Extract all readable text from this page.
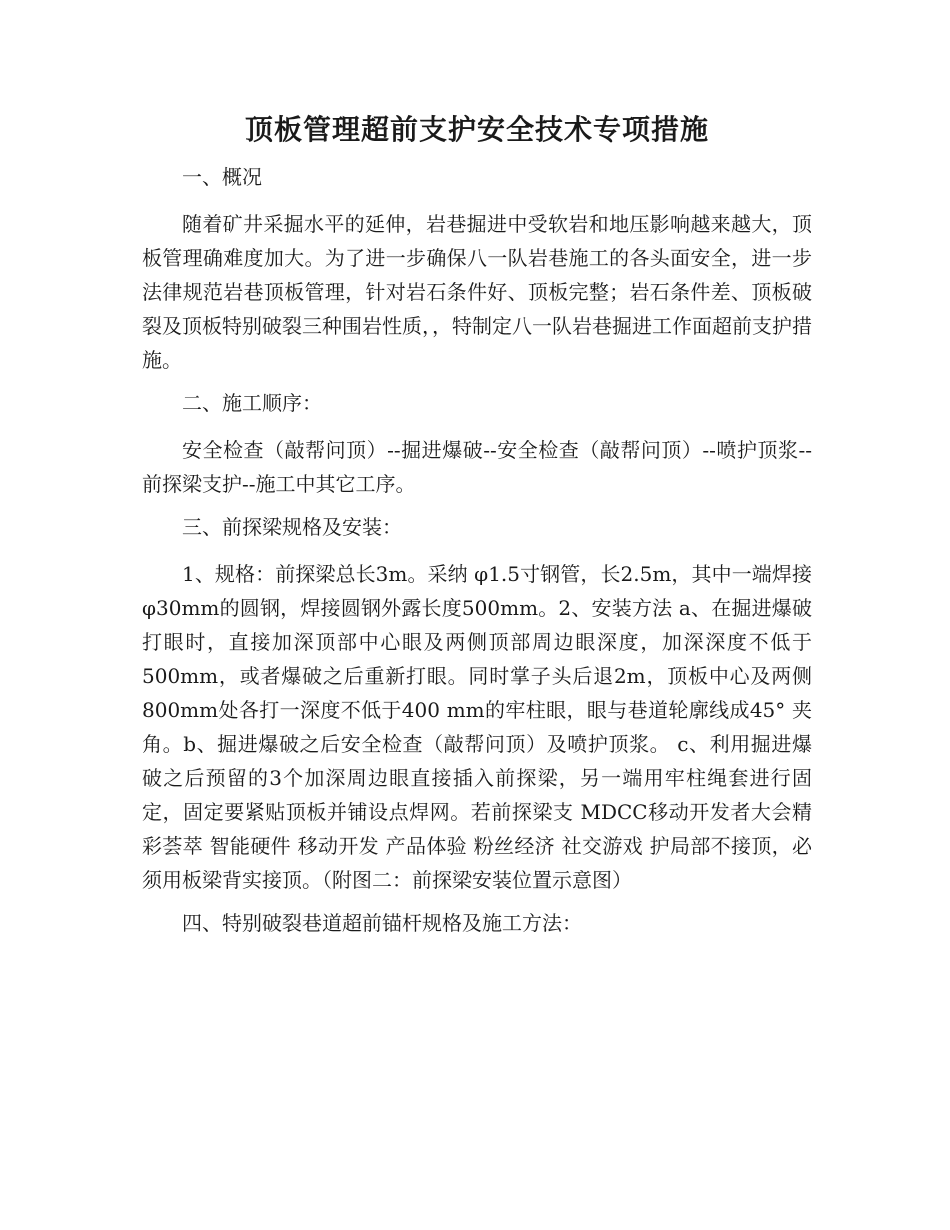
顶板管理超前支护安全技术专项措施

一、概况

随着矿井采掘水平的延伸，岩巷掘进中受软岩和地压影响越来越大，顶板管理确难度加大。为了进一步确保八一队岩巷施工的各头面安全，进一步法律规范岩巷顶板管理，针对岩石条件好、顶板完整；岩石条件差、顶板破裂及顶板特别破裂三种围岩性质，，特制定八一队岩巷掘进工作面超前支护措施。

二、施工顺序：

安全检查（敲帮问顶）--掘进爆破--安全检查（敲帮问顶）--喷护顶浆--前探梁支护--施工中其它工序。

三、前探梁规格及安装：

1、规格：前探梁总长3m。采纳 φ1.5寸钢管，长2.5m，其中一端焊接 φ30mm的圆钢，焊接圆钢外露长度500mm。2、安装方法 a、在掘进爆破打眼时，直接加深顶部中心眼及两侧顶部周边眼深度，加深深度不低于500mm，或者爆破之后重新打眼。同时掌子头后退2m，顶板中心及两侧800mm处各打一深度不低于400 mm的牢柱眼，眼与巷道轮廓线成45° 夹角。b、掘进爆破之后安全检查（敲帮问顶）及喷护顶浆。 c、利用掘进爆破之后预留的3个加深周边眼直接插入前探梁，另一端用牢柱绳套进行固定，固定要紧贴顶板并铺设点焊网。若前探梁支 MDCC移动开发者大会精彩荟萃 智能硬件 移动开发 产品体验 粉丝经济 社交游戏 护局部不接顶，必须用板梁背实接顶。（附图二：前探梁安装位置示意图）

四、特别破裂巷道超前锚杆规格及施工方法：
